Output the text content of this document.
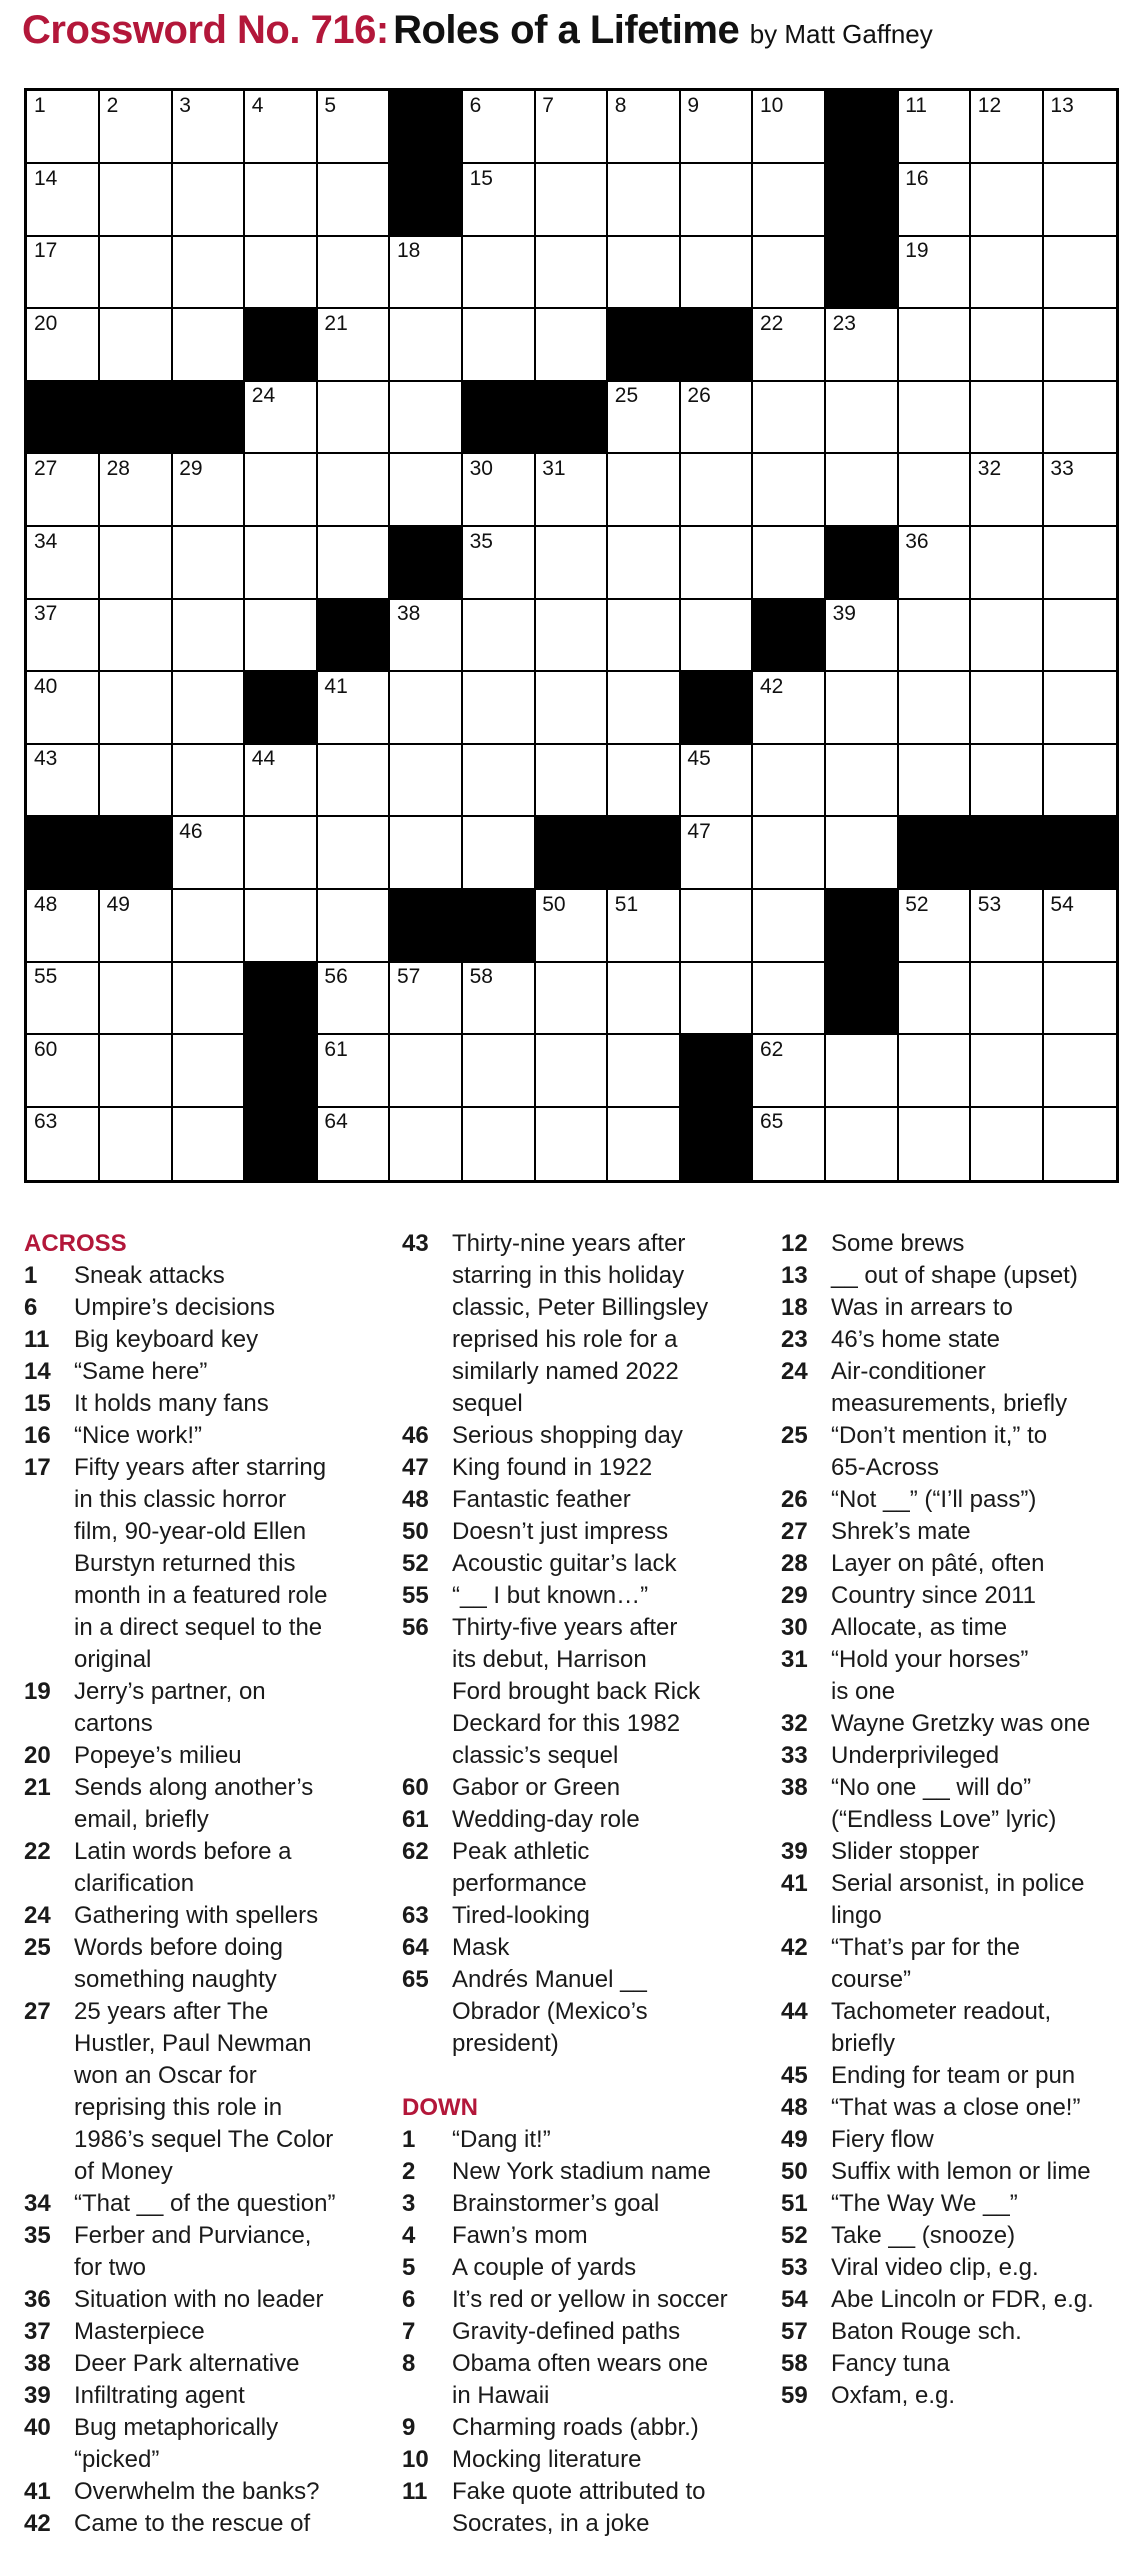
Crossword No. 716: Roles of a Lifetime by Matt Gaffney
1	2	3	4	5	6	7	8	9	10	11 12 13
14	15	16
17	18	19
20	21	22 23
24	25 26
27 28 29	30 31	32 33
34	35	36
37	38	39
40	41	42
43	44	45
46	47
48 49	50 51	52 53 54
55	56 57 58
60	61	62
63	64	65
ACROSS
1	Sneak attacks
6	Umpire’s decisions
11	Big keyboard key
14 “Same here”
15 It holds many fans
16 “Nice work!”
17 Fifty years after starring
in this classic horror
film, 90-year-old Ellen
Burstyn returned this
month in a featured role
in a direct sequel to the
original
19 Jerry’s partner, on
cartons
20 Popeye’s milieu
21 Sends along another’s
email, briefly
22 Latin words before a
clarification
24 Gathering with spellers
25 Words before doing
something naughty
27 25 years after The
Hustler, Paul Newman
won an Oscar for
reprising this role in
1986’s sequel The Color
of Money
34 “That __ of the question”
35 Ferber and Purviance,
for two
36 Situation with no leader
37 Masterpiece
38 Deer Park alternative
39 Infiltrating agent
40 Bug metaphorically
“picked”
41 Overwhelm the banks?
42 Came to the rescue of
43 Thirty-nine years after
starring in this holiday
classic, Peter Billingsley
reprised his role for a
similarly named 2022
sequel
46 Serious shopping day
47 King found in 1922
48 Fantastic feather
50 Doesn’t just impress
52 Acoustic guitar’s lack
55 “__ I but known…”
56 Thirty-five years after
its debut, Harrison
Ford brought back Rick
Deckard for this 1982
classic’s sequel
60 Gabor or Green
61 Wedding-day role
62 Peak athletic
performance
63 Tired-looking
64 Mask
65 Andrés Manuel __
Obrador (Mexico’s
president)
DOWN
1	“Dang it!”
2	New York stadium name
3	Brainstormer’s goal
4	Fawn’s mom
5	A couple of yards
6	It’s red or yellow in soccer
7	Gravity-defined paths
8	Obama often wears one
in Hawaii
9	Charming roads (abbr.)
10 Mocking literature
11	Fake quote attributed to
Socrates, in a joke
12 Some brews
13 __ out of shape (upset)
18 Was in arrears to
23 46’s home state
24 Air-conditioner
measurements, briefly
25 “Don’t mention it,” to
65-Across
26 “Not __” (“I’ll pass”)
27 Shrek’s mate
28 Layer on pâté, often
29 Country since 2011
30 Allocate, as time
31 “Hold your horses”
is one
32 Wayne Gretzky was one
33 Underprivileged
38 “No one __ will do”
(“Endless Love” lyric)
39 Slider stopper
41 Serial arsonist, in police
lingo
42 “That’s par for the
course”
44 Tachometer readout,
briefly
45 Ending for team or pun
48 “That was a close one!”
49 Fiery flow
50 Suffix with lemon or lime
51 “The Way We __”
52 Take __ (snooze)
53 Viral video clip, e.g.
54 Abe Lincoln or FDR, e.g.
57 Baton Rouge sch.
58 Fancy tuna
59 Oxfam, e.g.
